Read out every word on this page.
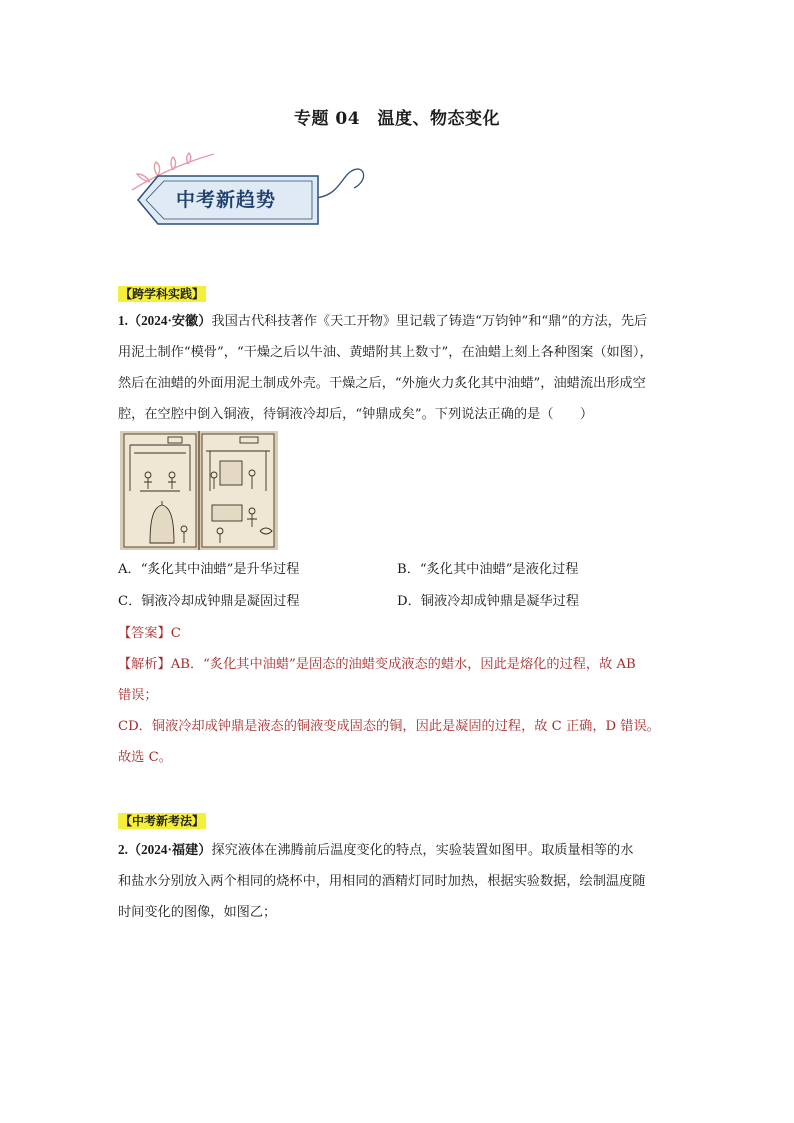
专题 04　温度、物态变化
中考新趋势
【跨学科实践】
1.（2024·安徽）我国古代科技著作《天工开物》里记载了铸造“万钧钟”和“鼎”的方法，先后
用泥土制作“模骨”，“干燥之后以牛油、黄蜡附其上数寸”，在油蜡上刻上各种图案（如图），
然后在油蜡的外面用泥土制成外壳。干燥之后，“外施火力炙化其中油蜡”，油蜡流出形成空
腔，在空腔中倒入铜液，待铜液冷却后，“钟鼎成矣”。下列说法正确的是（　　）
A．“炙化其中油蜡”是升华过程	B．“炙化其中油蜡”是液化过程
C．铜液冷却成钟鼎是凝固过程	D．铜液冷却成钟鼎是凝华过程
【答案】C
【解析】AB．“炙化其中油蜡”是固态的油蜡变成液态的蜡水，因此是熔化的过程，故 AB
错误；
CD．铜液冷却成钟鼎是液态的铜液变成固态的铜，因此是凝固的过程，故 C 正确，D 错误。
故选 C。
【中考新考法】
2.（2024·福建）探究液体在沸腾前后温度变化的特点，实验装置如图甲。取质量相等的水
和盐水分别放入两个相同的烧杯中，用相同的酒精灯同时加热，根据实验数据，绘制温度随
时间变化的图像，如图乙；
